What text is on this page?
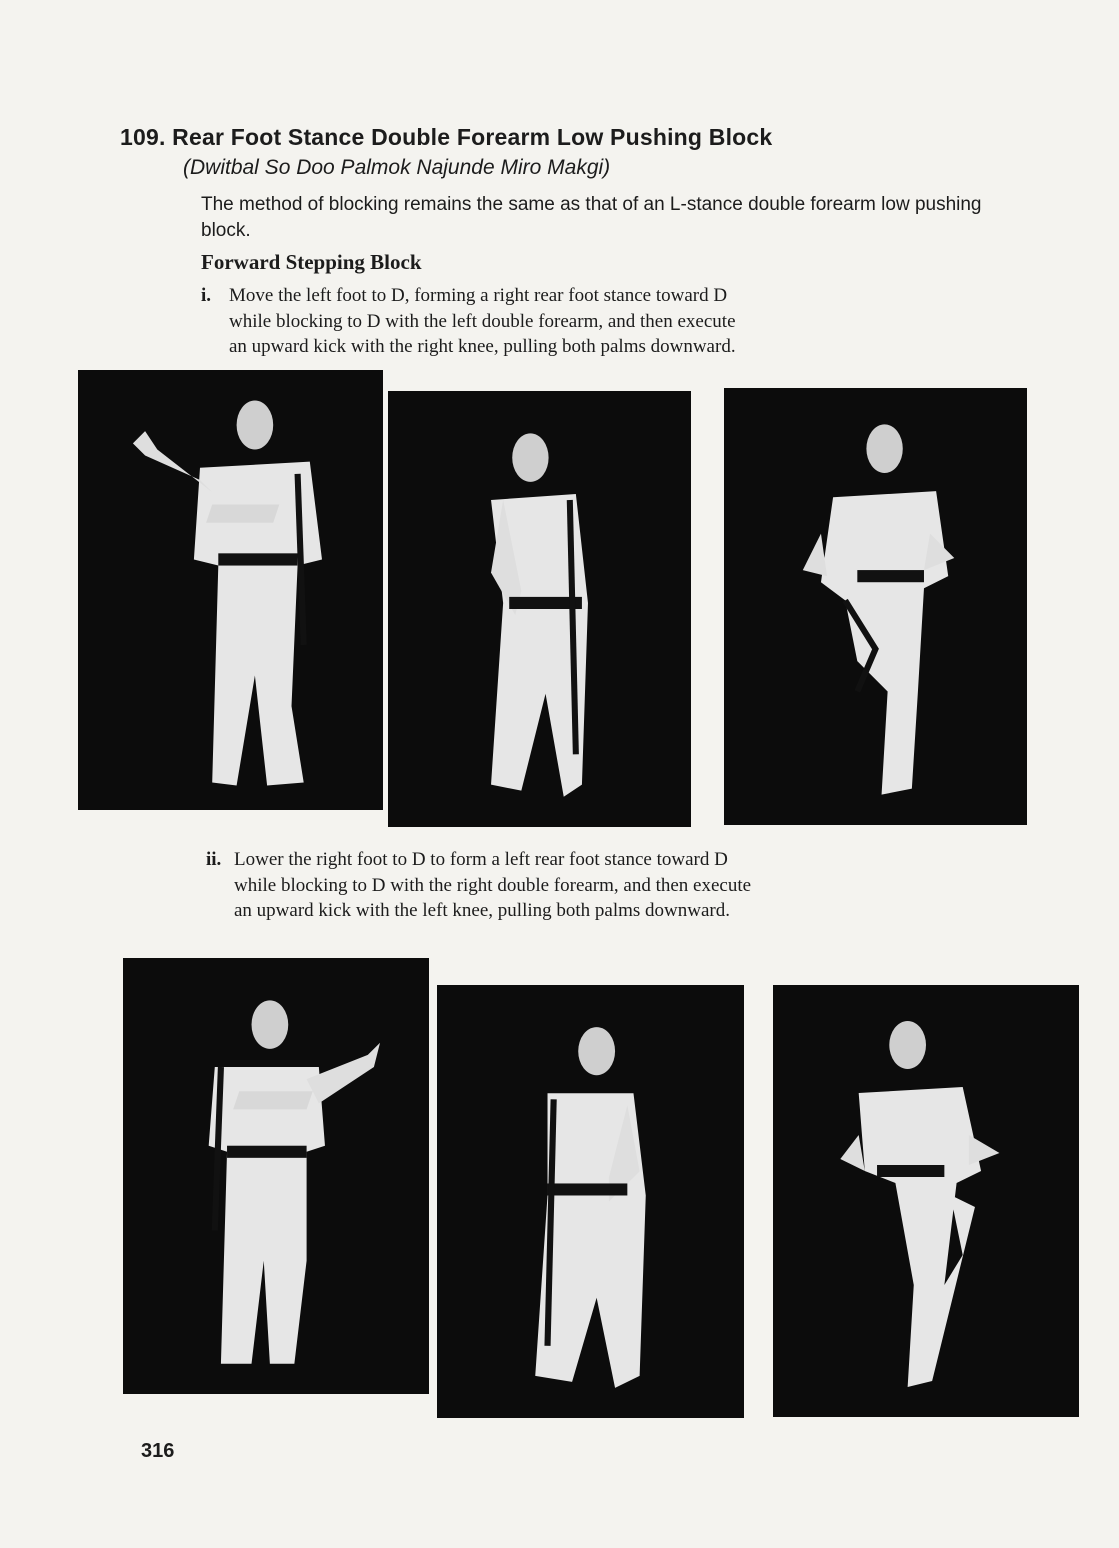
109. Rear Foot Stance Double Forearm Low Pushing Block
(Dwitbal So Doo Palmok Najunde Miro Makgi)
The method of blocking remains the same as that of an L-stance double forearm low pushing block.
Forward Stepping Block
i. Move the left foot to D, forming a right rear foot stance toward D
while blocking to D with the left double forearm, and then execute
an upward kick with the right knee, pulling both palms downward.
ii. Lower the right foot to D to form a left rear foot stance toward D
while blocking to D with the right double forearm, and then execute
an upward kick with the left knee, pulling both palms downward.
316
